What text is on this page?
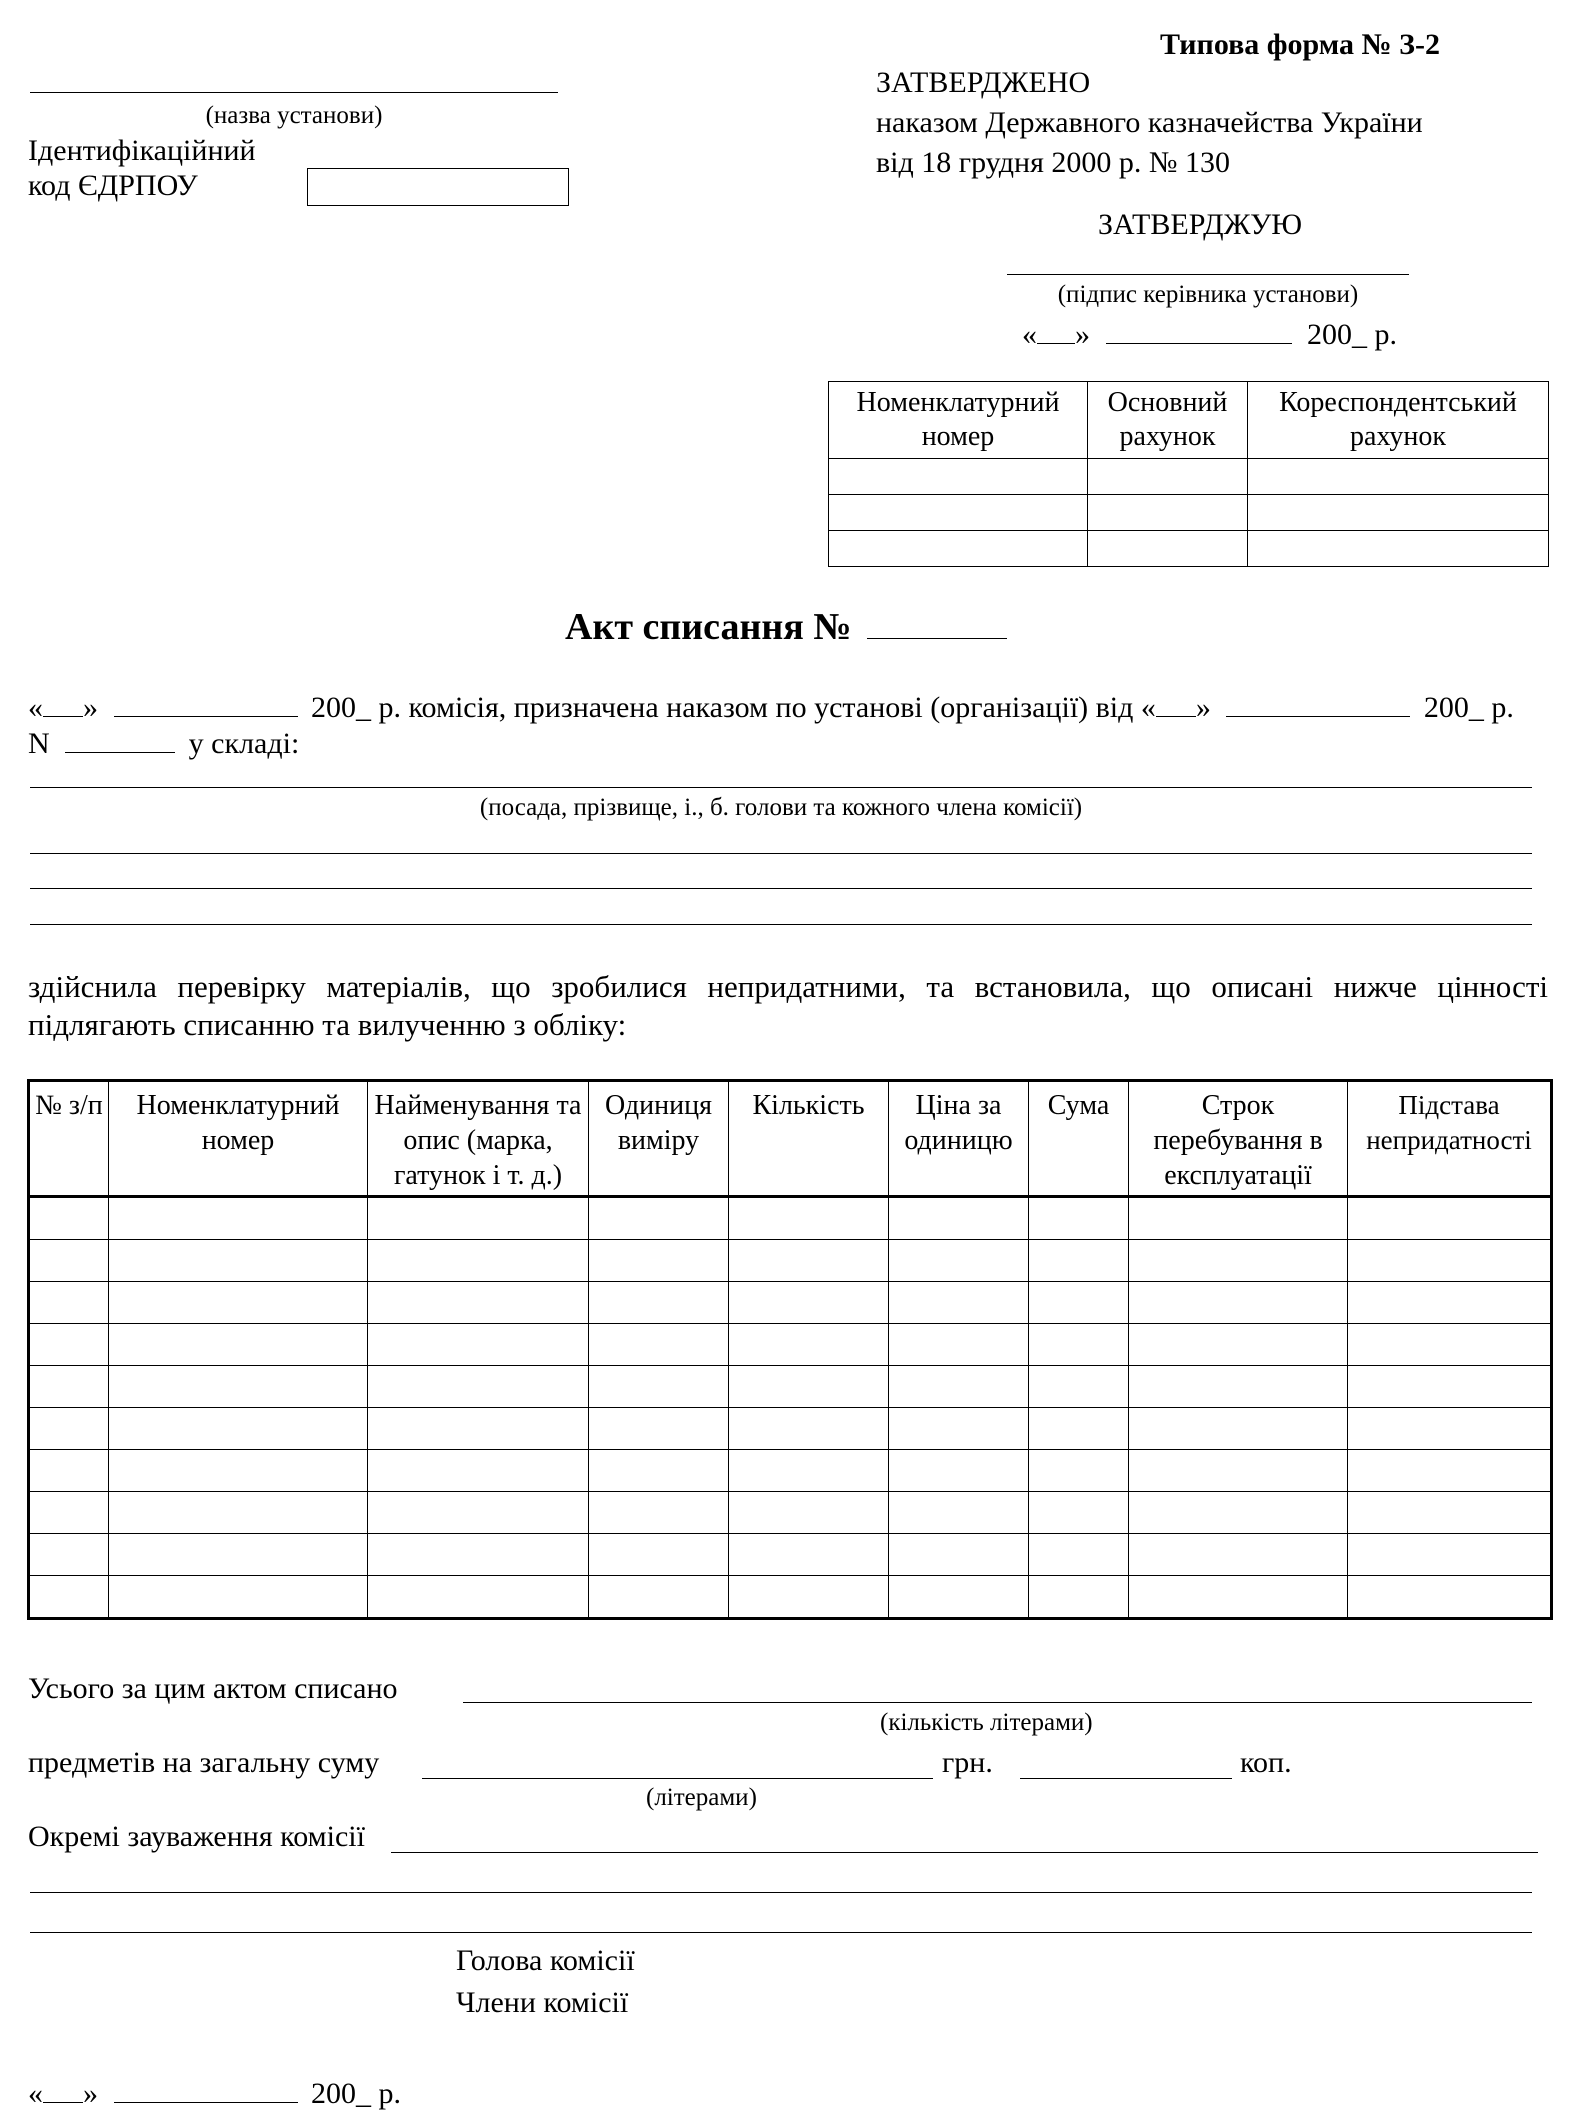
(назва установи)
Ідентифікаційний
код ЄДРПОУ
Типова форма № З-2
ЗАТВЕРДЖЕНО
наказом Державного казначейства України
від 18 грудня 2000 р. № 130
ЗАТВЕРДЖУЮ
(підпис керівника установи)
« »	200_ р.
Номенклатурний номер	Основний рахунок	Кореспондентський рахунок

Акт списання №
« »	200_ р. комісія, призначена наказом по установі (організації) від « »	200_ р.
N	у складі:
(посада, прізвище, і., б. голови та кожного члена комісії)
здійснила перевірку матеріалів, що зробилися непридатними, та встановила, що описані нижче цінності підлягають списанню та вилученню з обліку:
№ з/п	Номенклатурний номер	Найменування та опис (марка, гатунок і т. д.)	Одиниця виміру	Кількість	Ціна за одиницю	Сума	Строк перебування в експлуатації	Підстава непридатності

Усього за цим актом списано
(кількість літерами)
предметів на загальну суму	грн.	коп.
(літерами)
Окремі зауваження комісії
Голова комісії
Члени комісії
« »	200_ р.
